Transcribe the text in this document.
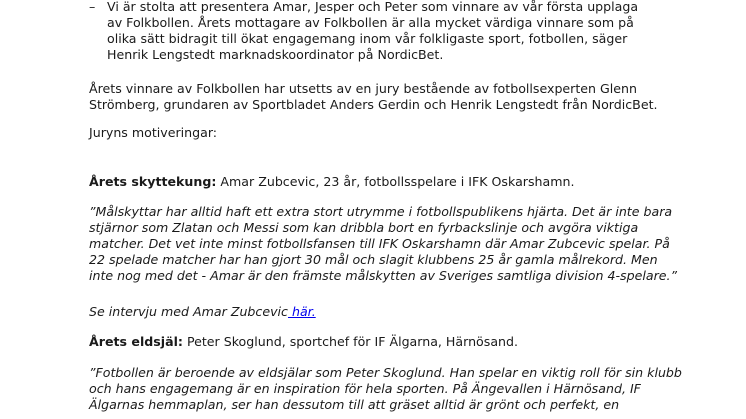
– Vi är stolta att presentera Amar, Jesper och Peter som vinnare av vår första upplaga
av Folkbollen. Årets mottagare av Folkbollen är alla mycket värdiga vinnare som på
olika sätt bidragit till ökat engagemang inom vår folkligaste sport, fotbollen, säger
Henrik Lengstedt marknadskoordinator på NordicBet.
Årets vinnare av Folkbollen har utsetts av en jury bestående av fotbollsexperten Glenn
Strömberg, grundaren av Sportbladet Anders Gerdin och Henrik Lengstedt från NordicBet.
Juryns motiveringar:
Årets skyttekung: Amar Zubcevic, 23 år, fotbollsspelare i IFK Oskarshamn.
”Målskyttar har alltid haft ett extra stort utrymme i fotbollspublikens hjärta. Det är inte bara
stjärnor som Zlatan och Messi som kan dribbla bort en fyrbackslinje och avgöra viktiga
matcher. Det vet inte minst fotbollsfansen till IFK Oskarshamn där Amar Zubcevic spelar. På
22 spelade matcher har han gjort 30 mål och slagit klubbens 25 år gamla målrekord. Men
inte nog med det - Amar är den främste målskytten av Sveriges samtliga division 4-spelare.”
Se intervju med Amar Zubcevic här.
Årets eldsjäl: Peter Skoglund, sportchef för IF Älgarna, Härnösand.
”Fotbollen är beroende av eldsjälar som Peter Skoglund. Han spelar en viktig roll för sin klubb
och hans engagemang är en inspiration för hela sporten. På Ängevallen i Härnösand, IF
Älgarnas hemmaplan, ser han dessutom till att gräset alltid är grönt och perfekt, en
